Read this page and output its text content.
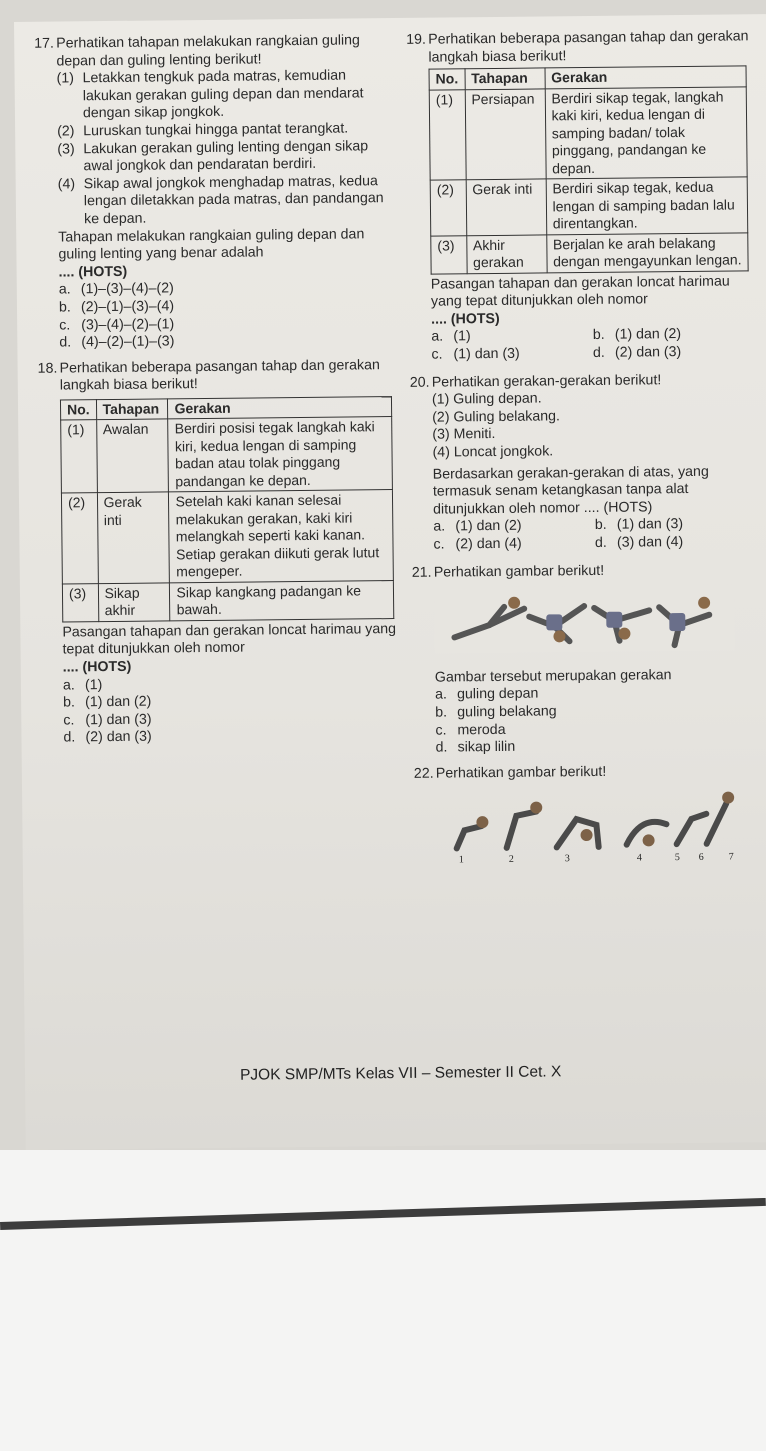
17. Perhatikan tahapan melakukan rangkaian guling depan dan guling lenting berikut!

(1) Letakkan tengkuk pada matras, kemudian lakukan gerakan guling depan dan mendarat dengan sikap jongkok.

(2) Luruskan tungkai hingga pantat terangkat.

(3) Lakukan gerakan guling lenting dengan sikap awal jongkok dan pendaratan berdiri.

(4) Sikap awal jongkok menghadap matras, kedua lengan diletakkan pada matras, dan pandangan ke depan.

Tahapan melakukan rangkaian guling depan dan guling lenting yang benar adalah

.... (HOTS)

a. (1)–(3)–(4)–(2)
b. (2)–(1)–(3)–(4)
c. (3)–(4)–(2)–(1)
d. (4)–(2)–(1)–(3)

18. Perhatikan beberapa pasangan tahap dan gerakan langkah biasa berikut!

No.	Tahapan	Gerakan
(1)	Awalan	Berdiri posisi tegak langkah kaki kiri, kedua lengan di samping badan atau tolak pinggang pandangan ke depan.
(2)	Gerak inti	Setelah kaki kanan selesai melakukan gerakan, kaki kiri melangkah seperti kaki kanan. Setiap gerakan diikuti gerak lutut mengeper.
(3)	Sikap akhir	Sikap kangkang padangan ke bawah.

Pasangan tahapan dan gerakan loncat harimau yang tepat ditunjukkan oleh nomor

.... (HOTS)

a. (1)
b. (1) dan (2)
c. (1) dan (3)
d. (2) dan (3)

19. Perhatikan beberapa pasangan tahap dan gerakan langkah biasa berikut!

No.	Tahapan	Gerakan
(1)	Persiapan	Berdiri sikap tegak, langkah kaki kiri, kedua lengan di samping badan/ tolak pinggang, pandangan ke depan.
(2)	Gerak inti	Berdiri sikap tegak, kedua lengan di samping badan lalu direntangkan.
(3)	Akhir gerakan	Berjalan ke arah belakang dengan mengayunkan lengan.

Pasangan tahapan dan gerakan loncat harimau yang tepat ditunjukkan oleh nomor

.... (HOTS)

a. (1)	b. (1) dan (2)
c. (1) dan (3)	d. (2) dan (3)

20. Perhatikan gerakan-gerakan berikut!

(1) Guling depan.

(2) Guling belakang.

(3) Meniti.

(4) Loncat jongkok.

Berdasarkan gerakan-gerakan di atas, yang termasuk senam ketangkasan tanpa alat ditunjukkan oleh nomor .... (HOTS)

a. (1) dan (2)	b. (1) dan (3)
c. (2) dan (4)	d. (3) dan (4)

21. Perhatikan gambar berikut!

Gambar tersebut merupakan gerakan

a. guling depan
b. guling belakang
c. meroda
d. sikap lilin

22. Perhatikan gambar berikut!

1	2	3	4	5 6 7
PJOK SMP/MTs Kelas VII – Semester II Cet. X
